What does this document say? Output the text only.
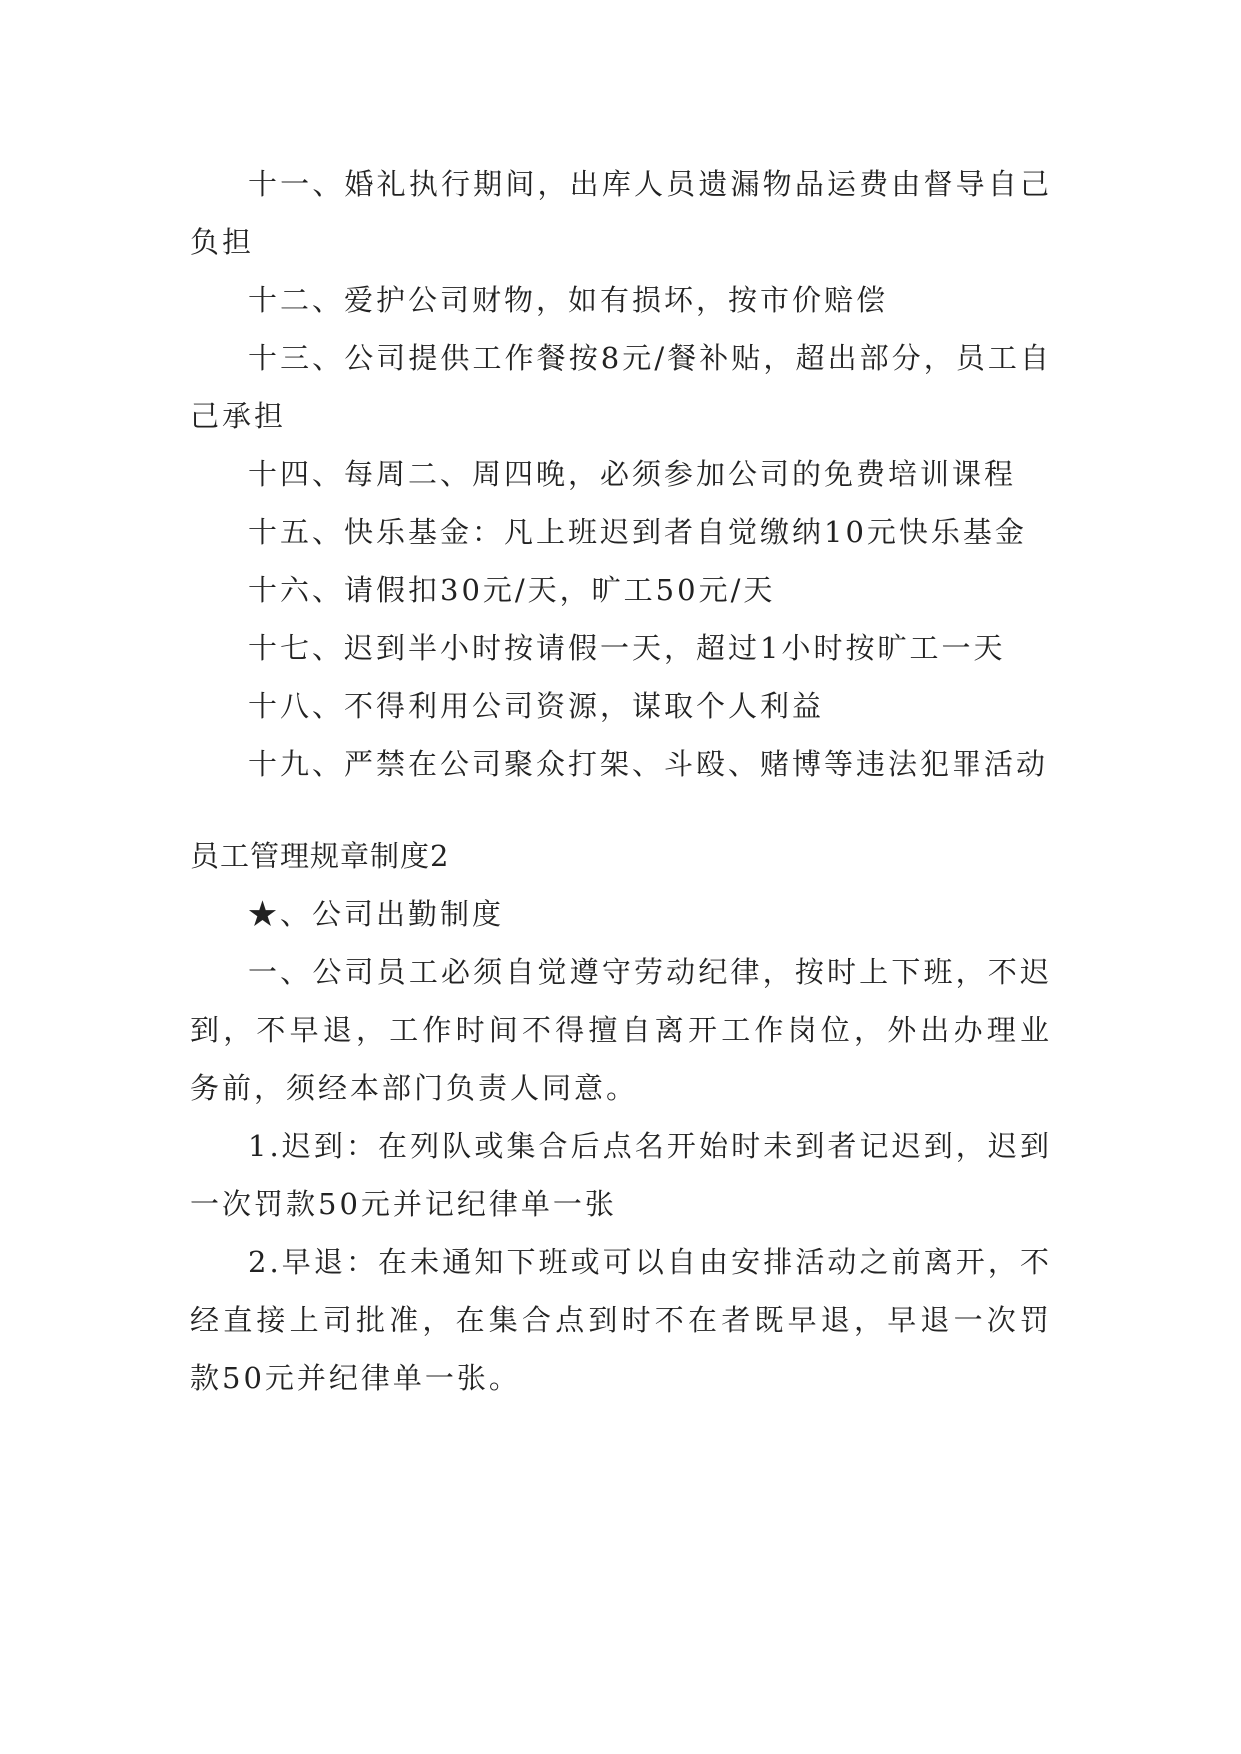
十一、婚礼执行期间，出库人员遗漏物品运费由督导自己负担

十二、爱护公司财物，如有损坏，按市价赔偿

十三、公司提供工作餐按8元/餐补贴，超出部分，员工自己承担

十四、每周二、周四晚，必须参加公司的免费培训课程

十五、快乐基金：凡上班迟到者自觉缴纳10元快乐基金

十六、请假扣30元/天，旷工50元/天

十七、迟到半小时按请假一天，超过1小时按旷工一天

十八、不得利用公司资源，谋取个人利益

十九、严禁在公司聚众打架、斗殴、赌博等违法犯罪活动

员工管理规章制度2

★、公司出勤制度

一、公司员工必须自觉遵守劳动纪律，按时上下班，不迟到，不早退，工作时间不得擅自离开工作岗位，外出办理业务前，须经本部门负责人同意。

1.迟到：在列队或集合后点名开始时未到者记迟到，迟到一次罚款50元并记纪律单一张

2.早退：在未通知下班或可以自由安排活动之前离开，不经直接上司批准，在集合点到时不在者既早退，早退一次罚款50元并纪律单一张。
